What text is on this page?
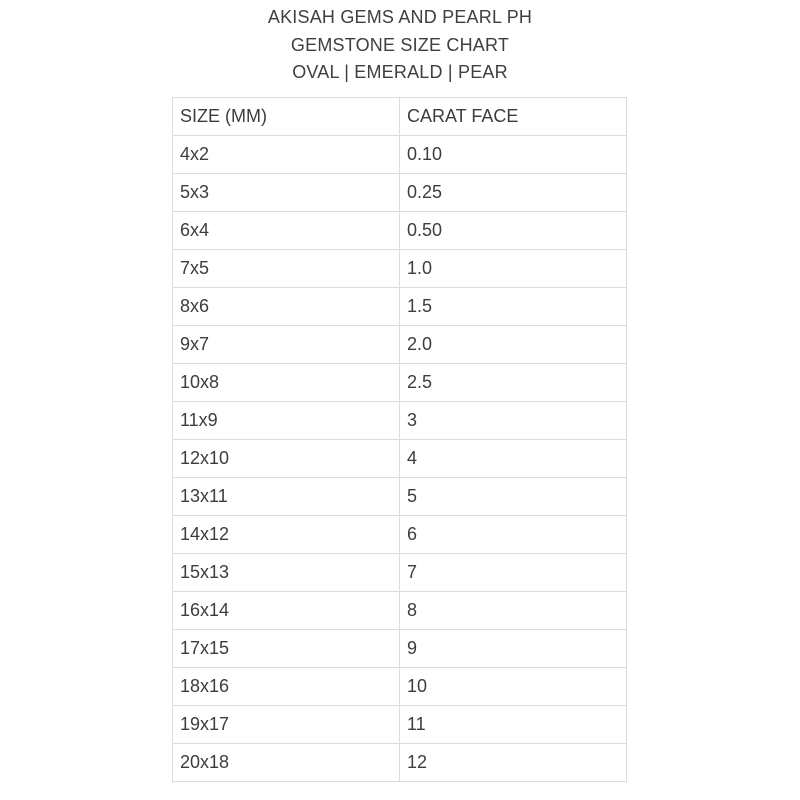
AKISAH GEMS AND PEARL PH
GEMSTONE SIZE CHART
OVAL | EMERALD | PEAR
SIZE (MM)	CARAT FACE
4x2	0.10
5x3	0.25
6x4	0.50
7x5	1.0
8x6	1.5
9x7	2.0
10x8	2.5
11x9	3
12x10	4
13x11	5
14x12	6
15x13	7
16x14	8
17x15	9
18x16	10
19x17	11
20x18	12
